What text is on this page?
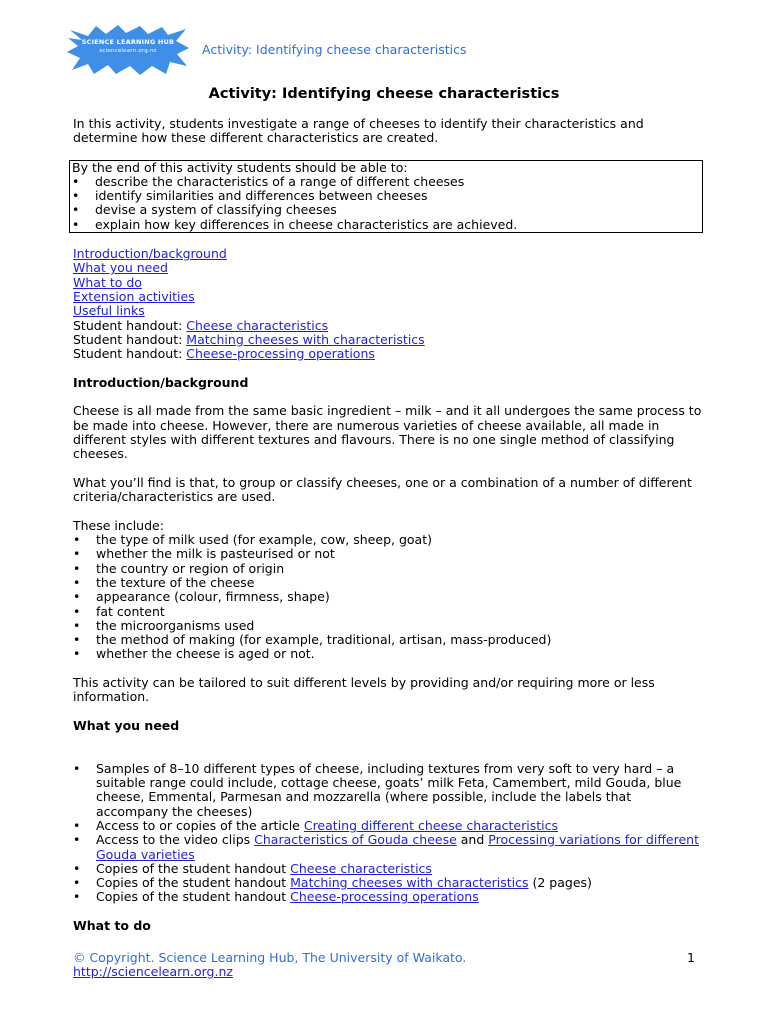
SCIENCE LEARNING HUB
sciencelearn.org.nz	Activity: Identifying cheese characteristics
Activity: Identifying cheese characteristics

In this activity, students investigate a range of cheeses to identify their characteristics and determine how these different characteristics are created.

By the end of this activity students should be able to:

• describe the characteristics of a range of different cheeses
• identify similarities and differences between cheeses
• devise a system of classifying cheeses
• explain how key differences in cheese characteristics are achieved.
Introduction/background
What you need
What to do
Extension activities
Useful links
Student handout: Cheese characteristics
Student handout: Matching cheeses with characteristics
Student handout: Cheese-processing operations

Introduction/background

Cheese is all made from the same basic ingredient – milk – and it all undergoes the same process to be made into cheese. However, there are numerous varieties of cheese available, all made in different styles with different textures and flavours. There is no one single method of classifying cheeses.

What you’ll find is that, to group or classify cheeses, one or a combination of a number of different criteria/characteristics are used.

These include:

• the type of milk used (for example, cow, sheep, goat)
• whether the milk is pasteurised or not
• the country or region of origin
• the texture of the cheese
• appearance (colour, firmness, shape)
• fat content
• the microorganisms used
• the method of making (for example, traditional, artisan, mass-produced)
• whether the cheese is aged or not.

This activity can be tailored to suit different levels by providing and/or requiring more or less information.

What you need

• Samples of 8–10 different types of cheese, including textures from very soft to very hard – a suitable range could include, cottage cheese, goats’ milk Feta, Camembert, mild Gouda, blue cheese, Emmental, Parmesan and mozzarella (where possible, include the labels that accompany the cheeses)
• Access to or copies of the article Creating different cheese characteristics
• Access to the video clips Characteristics of Gouda cheese and Processing variations for different Gouda varieties
• Copies of the student handout Cheese characteristics
• Copies of the student handout Matching cheeses with characteristics (2 pages)
• Copies of the student handout Cheese-processing operations

What to do

© Copyright. Science Learning Hub, The University of Waikato.
http://sciencelearn.org.nz
1
